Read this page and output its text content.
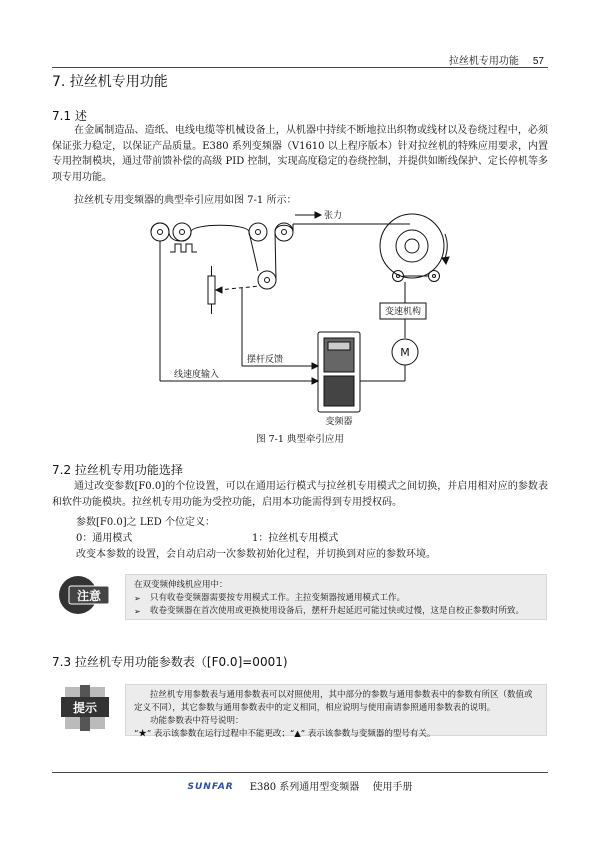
拉丝机专用功能 57
7. 拉丝机专用功能
7.1 述
在金属制造品、造纸、电线电缆等机械设备上，从机器中持续不断地拉出织物或线材以及卷绕过程中，必须保证张力稳定，以保证产品质量。E380 系列变频器（V1610 以上程序版本）针对拉丝机的特殊应用要求，内置专用控制模块，通过带前馈补偿的高级 PID 控制，实现高度稳定的卷绕控制，并提供如断线保护、定长停机等多项专用功能。
拉丝机专用变频器的典型牵引应用如图 7-1 所示：
张力
变速机构
M
摆杆反馈
线速度输入
变频器
图 7-1 典型牵引应用
7.2 拉丝机专用功能选择
通过改变参数[F0.0]的个位设置，可以在通用运行模式与拉丝机专用模式之间切换，并启用相对应的参数表和软件功能模块。拉丝机专用功能为受控功能，启用本功能需得到专用授权码。
参数[F0.0]之 LED 个位定义：
0：通用模式	1：拉丝机专用模式
改变本参数的设置，会自动启动一次参数初始化过程，并切换到对应的参数环境。
注意
在双变频伸线机应用中：
➢ 只有收卷变频器需要按专用模式工作。主拉变频器按通用模式工作。
➢ 收卷变频器在首次使用或更换使用设备后，摆杆升起延迟可能过快或过慢，这是自校正参数时所致。
7.3 拉丝机专用功能参数表（[F0.0]=0001)
提示
拉丝机专用参数表与通用参数表可以对照使用，其中部分的参数与通用参数表中的参数有所区（数值或定义不同），其它参数与通用参数表中的定义相同，相应说明与使用南请参照通用参数表的说明。
功能参数表中符号说明：
“★” 表示该参数在运行过程中不能更改；“▲” 表示该参数与变频器的型号有关。
SUNFAR E380 系列通用型变频器　 使用手册
